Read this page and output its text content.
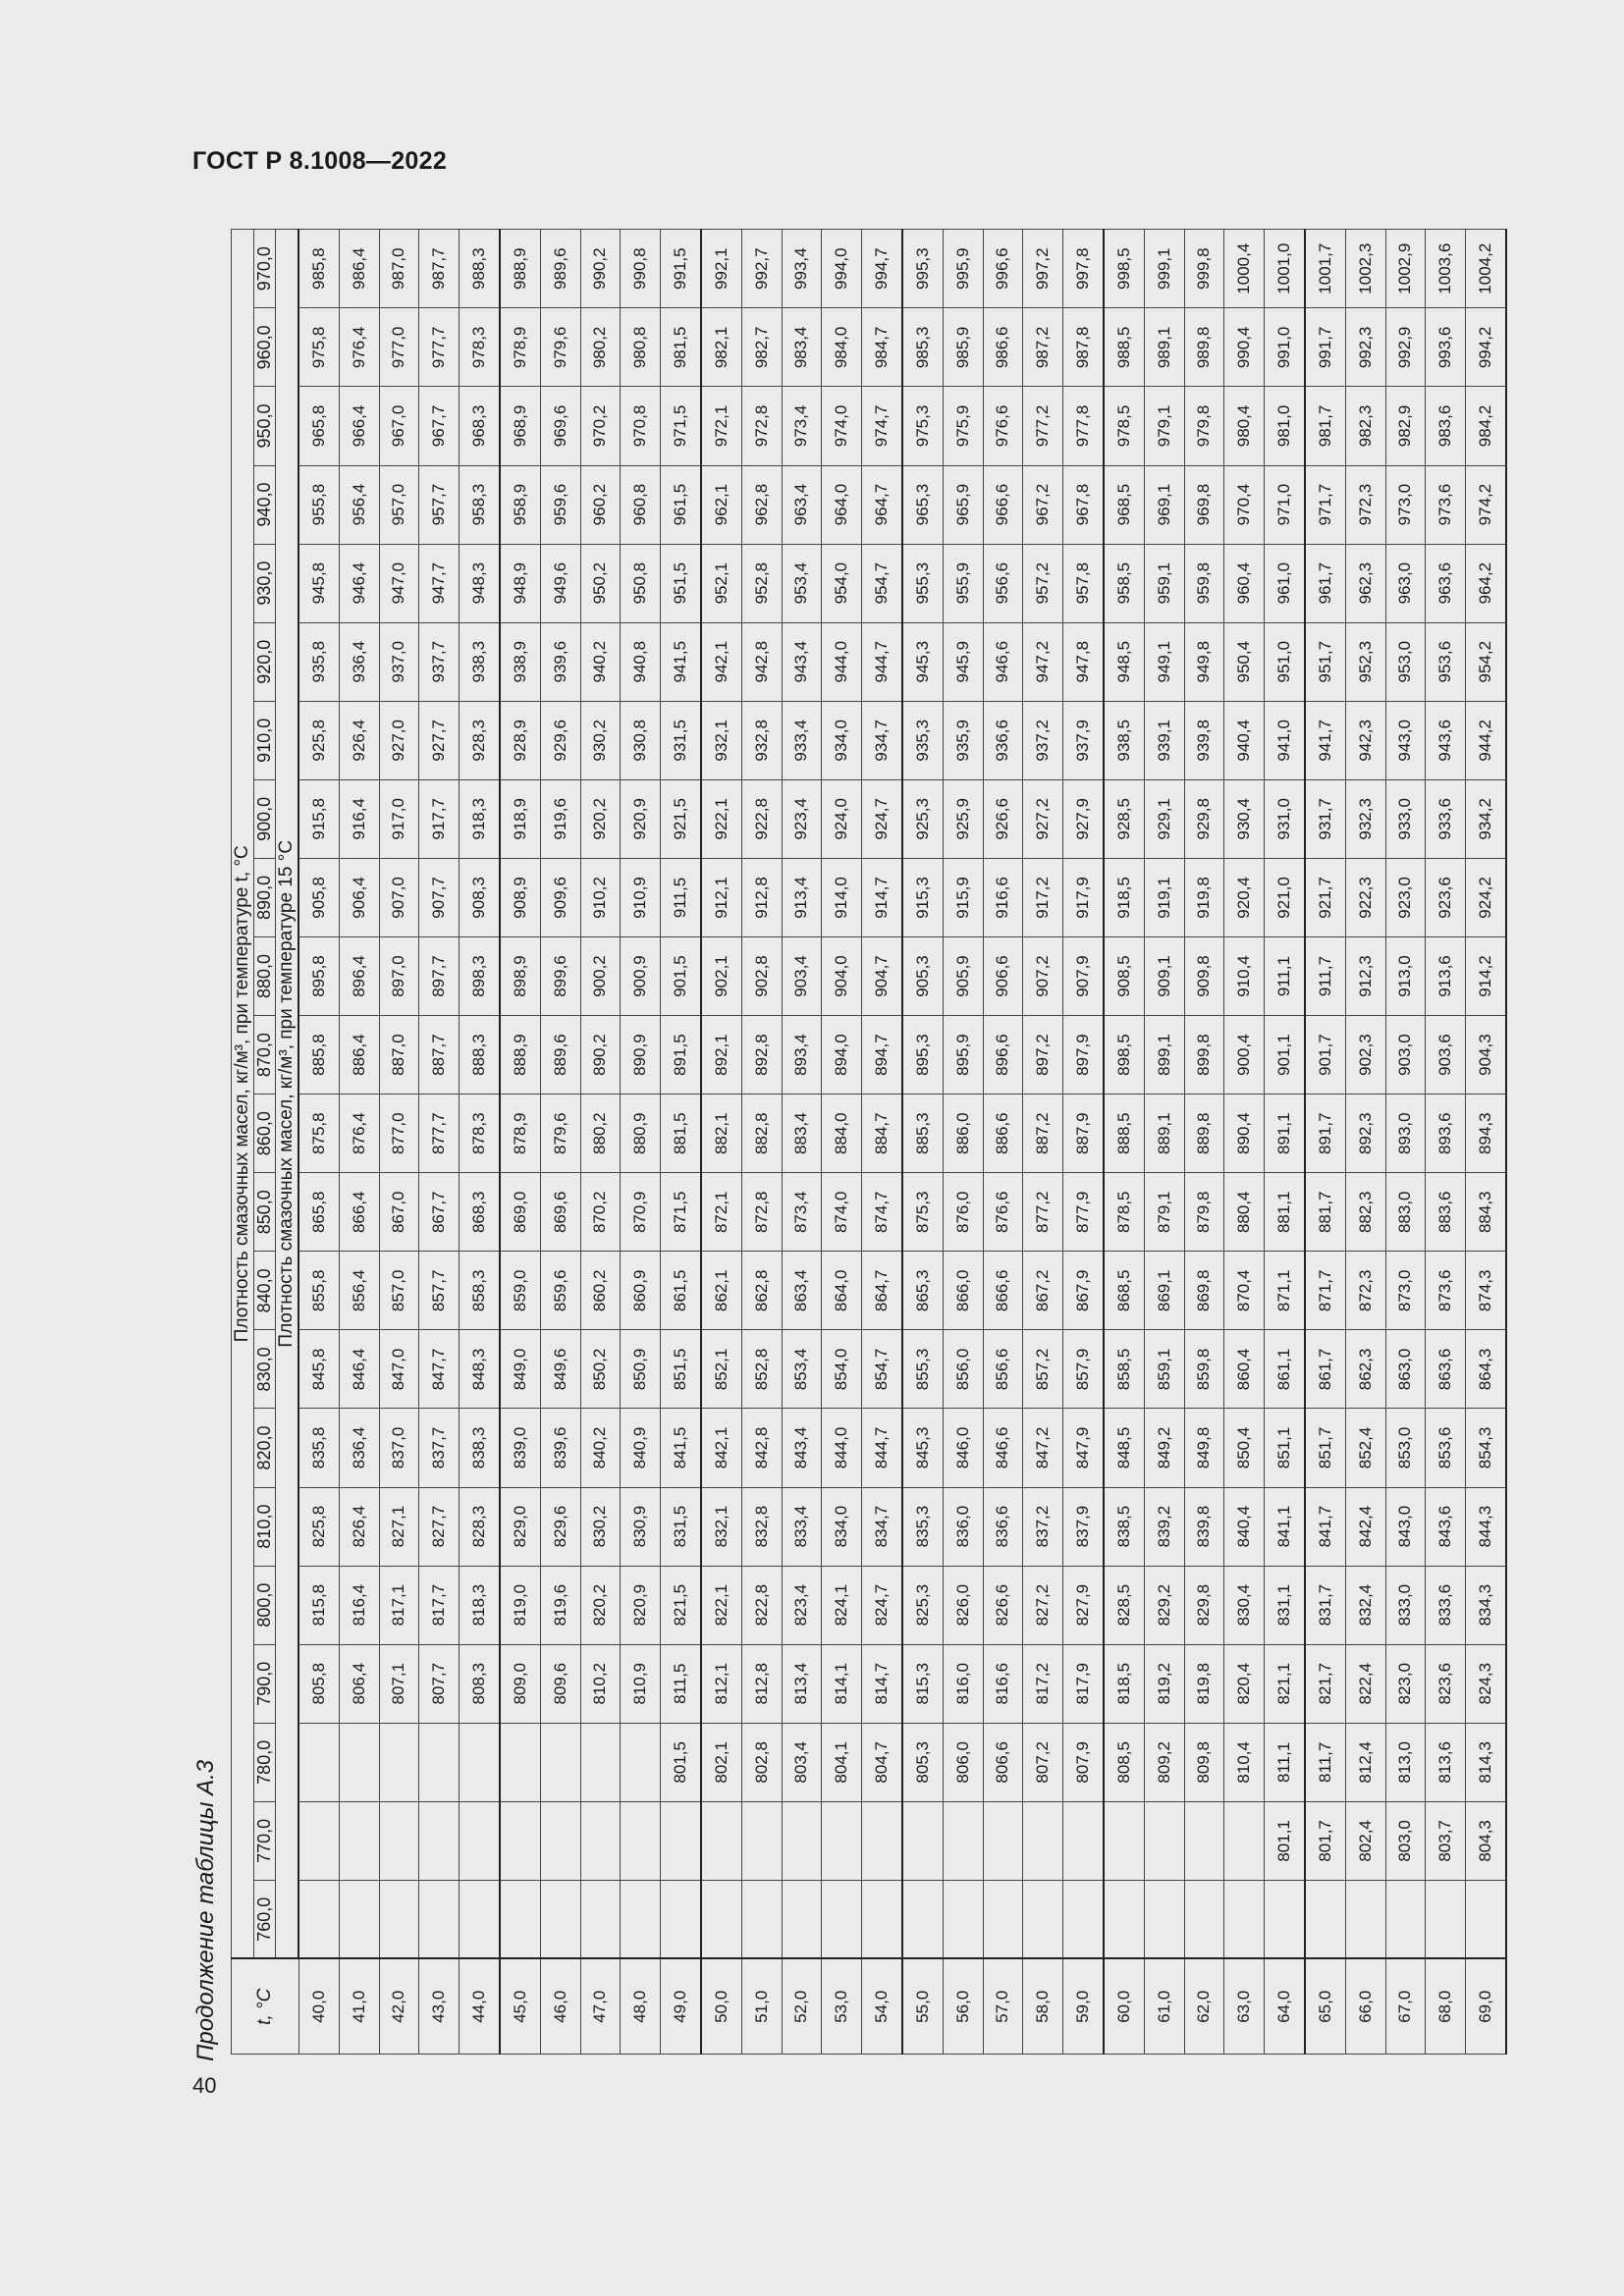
ГОСТ Р 8.1008—2022
Продолжение таблицы А.3
40
t, °C	Плотность смазочных масел, кг/м³, при температуре t, °C																					
	760,0	770,0	780,0	790,0	800,0	810,0	820,0	830,0	840,0	850,0	860,0	870,0	880,0	890,0	900,0	910,0	920,0	930,0	940,0	950,0	960,0	970,0
	Плотность смазочных масел, кг/м³, при температуре 15 °C																					
40,0				805,8	815,8	825,8	835,8	845,8	855,8	865,8	875,8	885,8	895,8	905,8	915,8	925,8	935,8	945,8	955,8	965,8	975,8	985,8
41,0				806,4	816,4	826,4	836,4	846,4	856,4	866,4	876,4	886,4	896,4	906,4	916,4	926,4	936,4	946,4	956,4	966,4	976,4	986,4
42,0				807,1	817,1	827,1	837,0	847,0	857,0	867,0	877,0	887,0	897,0	907,0	917,0	927,0	937,0	947,0	957,0	967,0	977,0	987,0
43,0				807,7	817,7	827,7	837,7	847,7	857,7	867,7	877,7	887,7	897,7	907,7	917,7	927,7	937,7	947,7	957,7	967,7	977,7	987,7
44,0				808,3	818,3	828,3	838,3	848,3	858,3	868,3	878,3	888,3	898,3	908,3	918,3	928,3	938,3	948,3	958,3	968,3	978,3	988,3
45,0				809,0	819,0	829,0	839,0	849,0	859,0	869,0	878,9	888,9	898,9	908,9	918,9	928,9	938,9	948,9	958,9	968,9	978,9	988,9
46,0				809,6	819,6	829,6	839,6	849,6	859,6	869,6	879,6	889,6	899,6	909,6	919,6	929,6	939,6	949,6	959,6	969,6	979,6	989,6
47,0				810,2	820,2	830,2	840,2	850,2	860,2	870,2	880,2	890,2	900,2	910,2	920,2	930,2	940,2	950,2	960,2	970,2	980,2	990,2
48,0				810,9	820,9	830,9	840,9	850,9	860,9	870,9	880,9	890,9	900,9	910,9	920,9	930,8	940,8	950,8	960,8	970,8	980,8	990,8
49,0			801,5	811,5	821,5	831,5	841,5	851,5	861,5	871,5	881,5	891,5	901,5	911,5	921,5	931,5	941,5	951,5	961,5	971,5	981,5	991,5
50,0			802,1	812,1	822,1	832,1	842,1	852,1	862,1	872,1	882,1	892,1	902,1	912,1	922,1	932,1	942,1	952,1	962,1	972,1	982,1	992,1
51,0			802,8	812,8	822,8	832,8	842,8	852,8	862,8	872,8	882,8	892,8	902,8	912,8	922,8	932,8	942,8	952,8	962,8	972,8	982,7	992,7
52,0			803,4	813,4	823,4	833,4	843,4	853,4	863,4	873,4	883,4	893,4	903,4	913,4	923,4	933,4	943,4	953,4	963,4	973,4	983,4	993,4
53,0			804,1	814,1	824,1	834,0	844,0	854,0	864,0	874,0	884,0	894,0	904,0	914,0	924,0	934,0	944,0	954,0	964,0	974,0	984,0	994,0
54,0			804,7	814,7	824,7	834,7	844,7	854,7	864,7	874,7	884,7	894,7	904,7	914,7	924,7	934,7	944,7	954,7	964,7	974,7	984,7	994,7
55,0			805,3	815,3	825,3	835,3	845,3	855,3	865,3	875,3	885,3	895,3	905,3	915,3	925,3	935,3	945,3	955,3	965,3	975,3	985,3	995,3
56,0			806,0	816,0	826,0	836,0	846,0	856,0	866,0	876,0	886,0	895,9	905,9	915,9	925,9	935,9	945,9	955,9	965,9	975,9	985,9	995,9
57,0			806,6	816,6	826,6	836,6	846,6	856,6	866,6	876,6	886,6	896,6	906,6	916,6	926,6	936,6	946,6	956,6	966,6	976,6	986,6	996,6
58,0			807,2	817,2	827,2	837,2	847,2	857,2	867,2	877,2	887,2	897,2	907,2	917,2	927,2	937,2	947,2	957,2	967,2	977,2	987,2	997,2
59,0			807,9	817,9	827,9	837,9	847,9	857,9	867,9	877,9	887,9	897,9	907,9	917,9	927,9	937,9	947,8	957,8	967,8	977,8	987,8	997,8
60,0			808,5	818,5	828,5	838,5	848,5	858,5	868,5	878,5	888,5	898,5	908,5	918,5	928,5	938,5	948,5	958,5	968,5	978,5	988,5	998,5
61,0			809,2	819,2	829,2	839,2	849,2	859,1	869,1	879,1	889,1	899,1	909,1	919,1	929,1	939,1	949,1	959,1	969,1	979,1	989,1	999,1
62,0			809,8	819,8	829,8	839,8	849,8	859,8	869,8	879,8	889,8	899,8	909,8	919,8	929,8	939,8	949,8	959,8	969,8	979,8	989,8	999,8
63,0			810,4	820,4	830,4	840,4	850,4	860,4	870,4	880,4	890,4	900,4	910,4	920,4	930,4	940,4	950,4	960,4	970,4	980,4	990,4	1000,4
64,0		801,1	811,1	821,1	831,1	841,1	851,1	861,1	871,1	881,1	891,1	901,1	911,1	921,0	931,0	941,0	951,0	961,0	971,0	981,0	991,0	1001,0
65,0		801,7	811,7	821,7	831,7	841,7	851,7	861,7	871,7	881,7	891,7	901,7	911,7	921,7	931,7	941,7	951,7	961,7	971,7	981,7	991,7	1001,7
66,0		802,4	812,4	822,4	832,4	842,4	852,4	862,3	872,3	882,3	892,3	902,3	912,3	922,3	932,3	942,3	952,3	962,3	972,3	982,3	992,3	1002,3
67,0		803,0	813,0	823,0	833,0	843,0	853,0	863,0	873,0	883,0	893,0	903,0	913,0	923,0	933,0	943,0	953,0	963,0	973,0	982,9	992,9	1002,9
68,0		803,7	813,6	823,6	833,6	843,6	853,6	863,6	873,6	883,6	893,6	903,6	913,6	923,6	933,6	943,6	953,6	963,6	973,6	983,6	993,6	1003,6
69,0		804,3	814,3	824,3	834,3	844,3	854,3	864,3	874,3	884,3	894,3	904,3	914,2	924,2	934,2	944,2	954,2	964,2	974,2	984,2	994,2	1004,2
